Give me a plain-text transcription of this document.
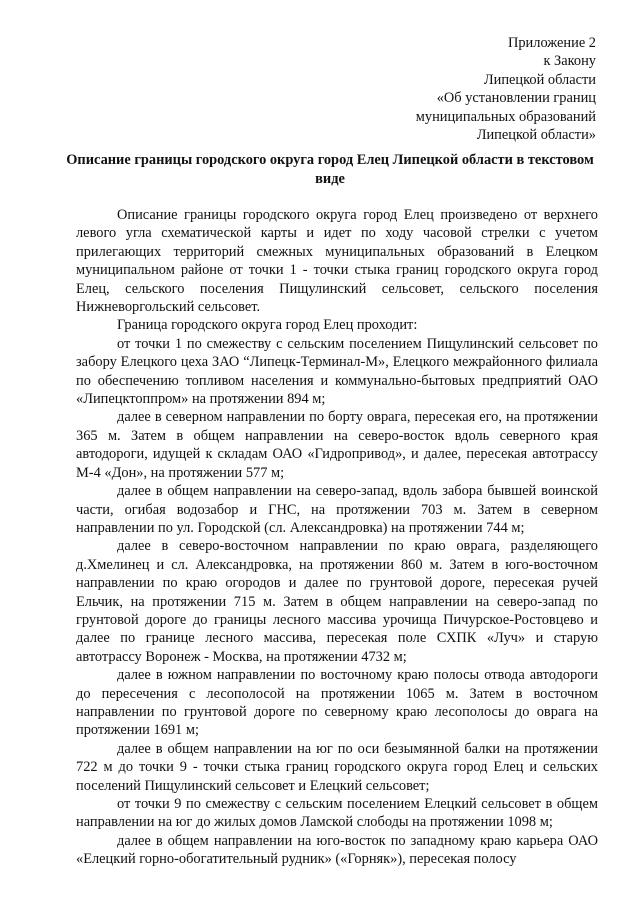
Приложение 2
к Закону
Липецкой области
«Об установлении границ
муниципальных образований
Липецкой области»
Описание границы городского округа город Елец Липецкой области в текстовом виде

Описание границы городского округа город Елец произведено от верхнего левого угла схематической карты и идет по ходу часовой стрелки с учетом прилегающих территорий смежных муниципальных образований в Елецком муниципальном районе от точки 1 - точки стыка границ городского округа город Елец, сельского поселения Пищулинский сельсовет, сельского поселения Нижневоргольский сельсовет.

Граница городского округа город Елец проходит:

от точки 1 по смежеству с сельским поселением Пищулинский сельсовет по забору Елецкого цеха ЗАО “Липецк-Терминал-М», Елецкого межрайонного филиала по обеспечению топливом населения и коммунально-бытовых предприятий ОАО «Липецктоппром» на протяжении 894 м;

далее в северном направлении по борту оврага, пересекая его, на протяжении 365 м. Затем в общем направлении на северо-восток вдоль северного края автодороги, идущей к складам ОАО «Гидропривод», и далее, пересекая автотрассу М-4 «Дон», на протяжении 577 м;

далее в общем направлении на северо-запад, вдоль забора бывшей воинской части, огибая водозабор и ГНС, на протяжении 703 м. Затем в северном направлении по ул. Городской (сл. Александровка) на протяжении 744 м;

далее в северо-восточном направлении по краю оврага, разделяющего д.Хмелинец и сл. Александровка, на протяжении 860 м. Затем в юго-восточном направлении по краю огородов и далее по грунтовой дороге, пересекая ручей Ельчик, на протяжении 715 м. Затем в общем направлении на северо-запад по грунтовой дороге до границы лесного массива урочища Пичурское-Ростовцево и далее по границе лесного массива, пересекая поле СХПК «Луч» и старую автотрассу Воронеж - Москва, на протяжении 4732 м;

далее в южном направлении по восточному краю полосы отвода автодороги до пересечения с лесополосой на протяжении 1065 м. Затем в восточном направлении по грунтовой дороге по северному краю лесополосы до оврага на протяжении 1691 м;

далее в общем направлении на юг по оси безымянной балки на протяжении 722 м до точки 9 - точки стыка границ городского округа город Елец и сельских поселений Пищулинский сельсовет и Елецкий сельсовет;

от точки 9 по смежеству с сельским поселением Елецкий сельсовет в общем направлении на юг до жилых домов Ламской слободы на протяжении 1098 м;

далее в общем направлении на юго-восток по западному краю карьера ОАО «Елецкий горно-обогатительный рудник» («Горняк»), пересекая полосу
